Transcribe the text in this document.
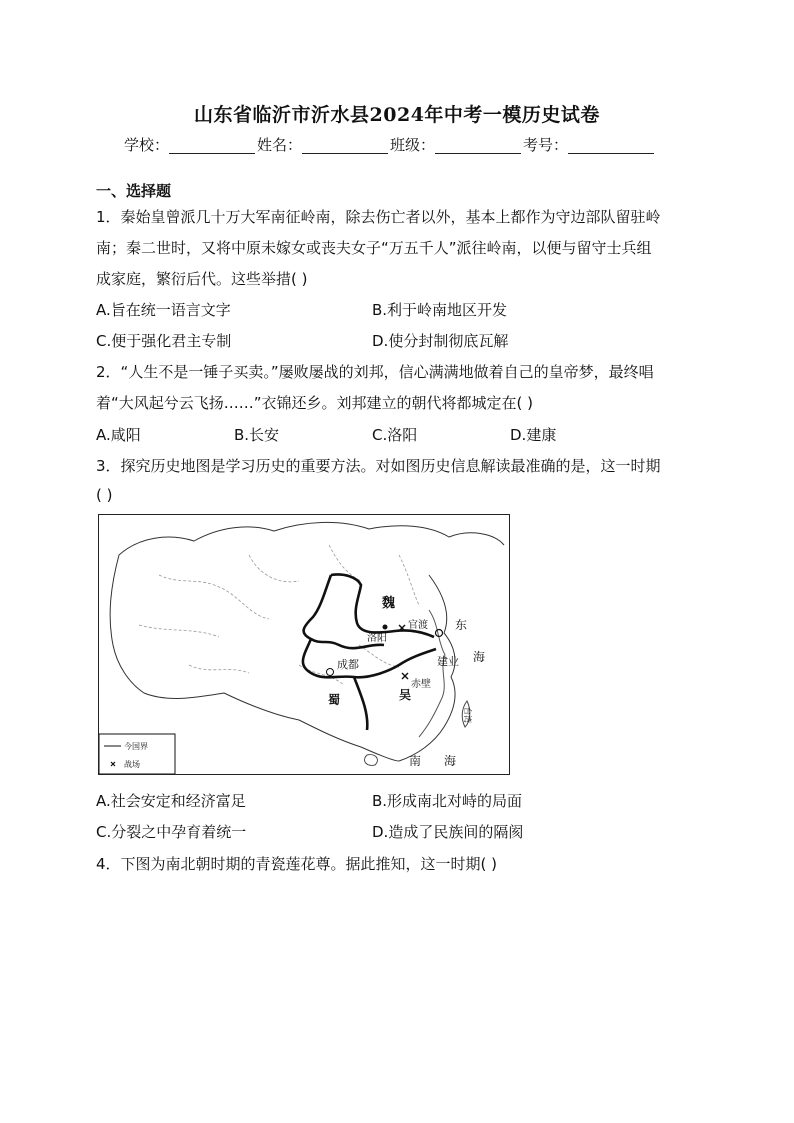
山东省临沂市沂水县2024年中考一模历史试卷
学校：	姓名：	班级：	考号：
一、选择题
1．秦始皇曾派几十万大军南征岭南，除去伤亡者以外，基本上都作为守边部队留驻岭
南；秦二世时，又将中原未嫁女或丧夫女子“万五千人”派往岭南，以便与留守士兵组
成家庭，繁衍后代。这些举措( )
A.旨在统一语言文字	B.利于岭南地区开发
C.便于强化君主专制	D.使分封制彻底瓦解
2．“人生不是一锤子买卖。”屡败屡战的刘邦，信心满满地做着自己的皇帝梦，最终唱
着“大风起兮云飞扬……”衣锦还乡。刘邦建立的朝代将都城定在( )
A.咸阳	B.长安	C.洛阳	D.建康
3．探究历史地图是学习历史的重要方法。对如图历史信息解读最准确的是，这一时期
( )
魏
洛阳
官渡 东
海
成都	建业
赤壁
蜀	吴
台湾
南 海
今国界
战场
A.社会安定和经济富足	B.形成南北对峙的局面
C.分裂之中孕育着统一	D.造成了民族间的隔阂
4．下图为南北朝时期的青瓷莲花尊。据此推知，这一时期( )
